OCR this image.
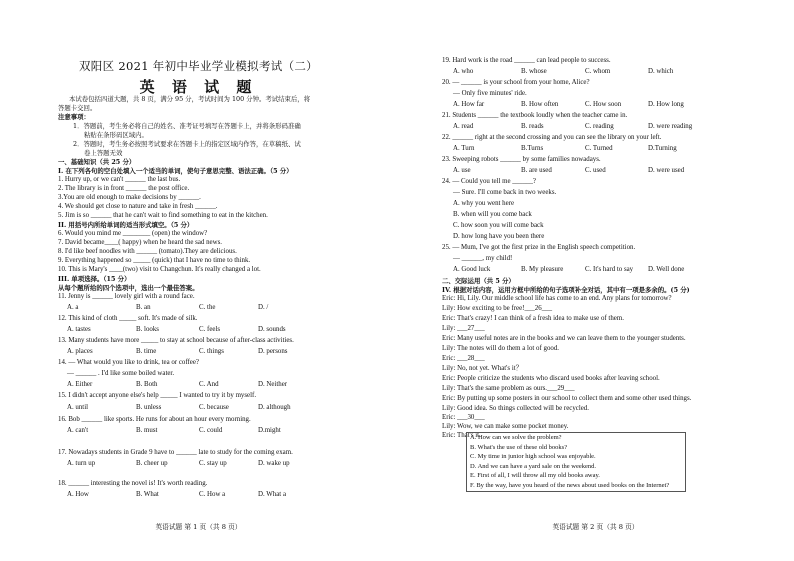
双阳区 2021 年初中毕业学业模拟考试（二）
英 语 试 题
本试卷包括四道大题，共 8 页，满分 95 分，考试时间为 100 分钟。考试结束后，将
答题卡交回。
注意事项：
1．答题前，考生务必将自己的姓名、准考证号填写在答题卡上，并将条形码准确
粘贴在条形码区域内。
2．答题时，考生务必按照考试要求在答题卡上的指定区域内作答，在草稿纸、试
卷上答题无效
一、基础知识（共 25 分）
I. 在下列各句的空白处填入一个适当的单词，使句子意思完整、语法正确。（5 分）
1. Hurry up, or we can't ______ the last bus.
2. The library is in front ______ the post office.
3.You are old enough to make decisions by ______.
4. We should get close to nature and take in fresh ______.
5. Jim is so ______ that he can't wait to find something to eat in the kitchen.
II. 用括号内所给单词的适当形式填空。（5 分）
6. Would you mind me ________ (open) the window?
7. David became____( happy) when he heard the sad news.
8. I'd like beef noodles with ______ (tomato).They are delicious.
9. Everything happened so _____ (quick) that I have no time to think.
10. This is Mary's ____(two) visit to Changchun. It's really changed a lot.
III. 单项选择。（15 分）
从每个题所给的四个选项中，选出一个最佳答案。
11. Jenny is ______ lovely girl with a round face.
A. a	B. an	C. the	D. /
12. This kind of cloth _____ soft. It's made of silk.
A. tastes	B. looks	C. feels	D. sounds
13. Many students have more _____ to stay at school because of after-class activities.
A. places	B. time	C. things	D. persons
14. — What would you like to drink, tea or coffee?
— ______ . I'd like some boiled water.
A. Either	B. Both	C. And	D. Neither
15. I didn't accept anyone else's help _____ I wanted to try it by myself.
A. until	B. unless	C. because	D. although
16. Bob ______ like sports. He runs for about an hour every morning.
A. can't	B. must	C. could	D.might
17. Nowadays students in Grade 9 have to ______ late to study for the coming exam.
A. turn up	B. cheer up	C. stay up	D. wake up
18. ______ interesting the novel is! It's worth reading.
A. How	B. What	C. How a	D. What a
英语试题 第 1 页（共 8 页）
19. Hard work is the road ______ can lead people to success.
A. who	B. whose	C. whom	D. which
20. — ______ is your school from your home, Alice?
— Only five minutes' ride.
A. How far	B. How often	C. How soon	D. How long
21. Students ______ the textbook loudly when the teacher came in.
A. read	B. reads	C. reading	D. were reading
22. ______ right at the second crossing and you can see the library on your left.
A. Turn	B.Turns	C. Turned	D.Turning
23. Sweeping robots ______ by some families nowadays.
A. use	B. are used	C. used	D. were used
24. — Could you tell me ______?
— Sure. I'll come back in two weeks.
A. why you went here
B. when will you come back
C. how soon you will come back
D. how long have you been there
25. — Mum, I've got the first prize in the English speech competition.
— ______, my child!
A. Good luck	B. My pleasure	C. It's hard to say D. Well done
二、交际运用（共 5 分）
IV. 根据对话内容，运用方框中所给的句子选项补全对话，其中有一项是多余的。(5 分)
Eric: Hi, Lily. Our middle school life has come to an end. Any plans for tomorrow?
Lily: How exciting to be free!___26___
Eric: That's crazy! I can think of a fresh idea to make use of them.
Lily: ___27___
Eric: Many useful notes are in the books and we can leave them to the younger students.
Lily: The notes will do them a lot of good.
Eric: ___28___
Lily: No, not yet. What's it？
Eric: People criticize the students who discard used books after leaving school.
Lily: That's the same problem as ours.___29___
Eric: By putting up some posters in our school to collect them and some other used things.
Lily: Good idea. So things collected will be recycled.
Eric: ___30___
Lily: Wow, we can make some pocket money.
Eric: That's it.
英语试题 第 2 页（共 8 页）
A. How can we solve the problem?
B. What's the use of these old books?
C. My time in junior high school was enjoyable.
D. And we can have a yard sale on the weekend.
E. First of all, I will throw all my old books away.
F. By the way, have you heard of the news about used books on the Internet?
